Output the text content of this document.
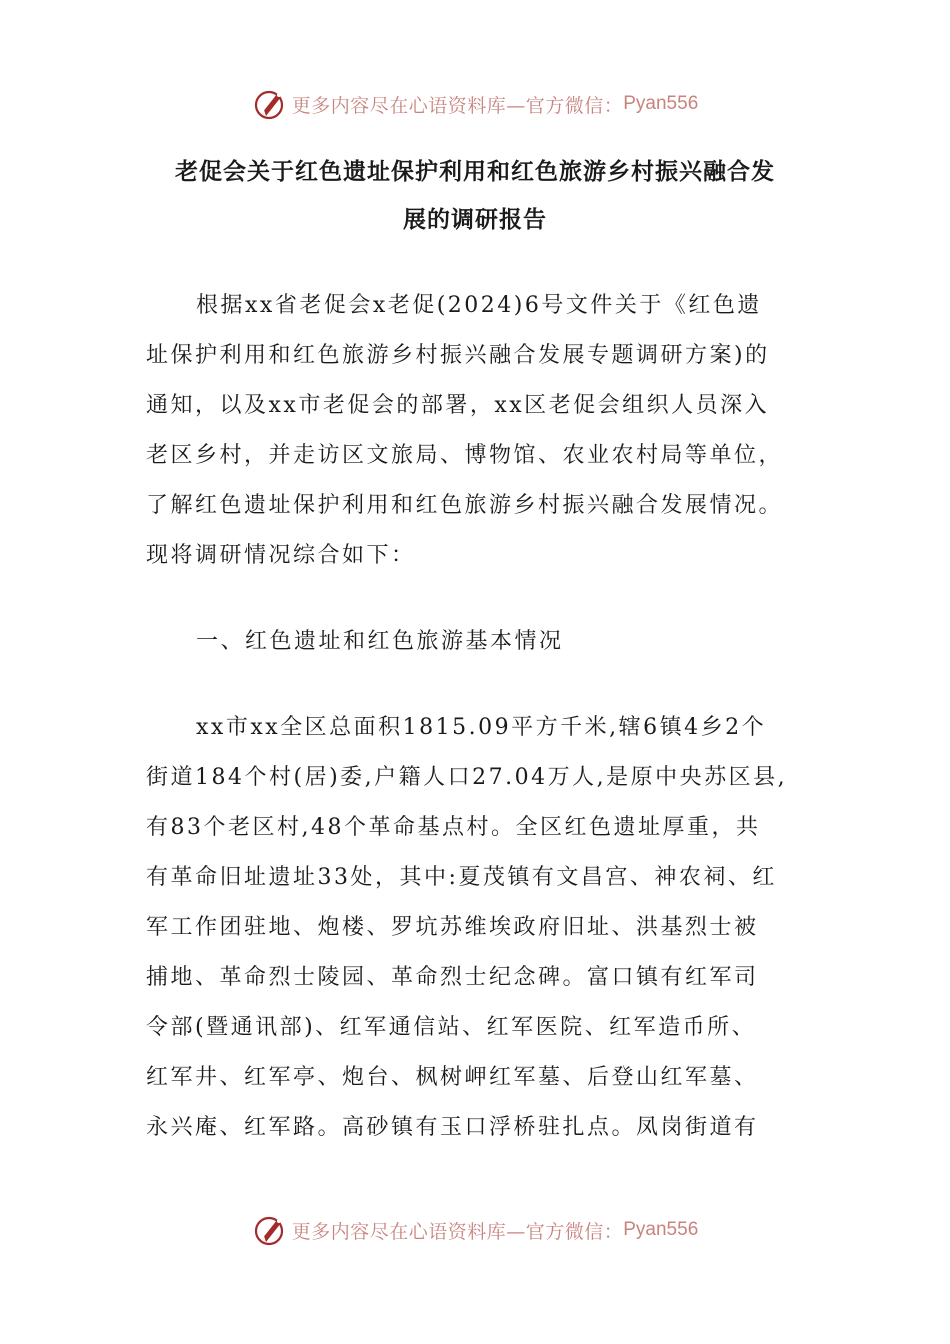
更多内容尽在心语资料库—官方微信： Pyan556
老促会关于红色遗址保护利用和红色旅游乡村振兴融合发
展的调研报告
根据xx省老促会x老促(2024)6号文件关于《红色遗
址保护利用和红色旅游乡村振兴融合发展专题调研方案)的
通知，以及xx市老促会的部署，xx区老促会组织人员深入
老区乡村，并走访区文旅局、博物馆、农业农村局等单位，
了解红色遗址保护利用和红色旅游乡村振兴融合发展情况。
现将调研情况综合如下：
一、红色遗址和红色旅游基本情况
xx市xx全区总面积1815.09平方千米,辖6镇4乡2个
街道184个村(居)委,户籍人口27.04万人,是原中央苏区县,
有83个老区村,48个革命基点村。全区红色遗址厚重，共
有革命旧址遗址33处，其中:夏茂镇有文昌宫、神农祠、红
军工作团驻地、炮楼、罗坑苏维埃政府旧址、洪基烈士被
捕地、革命烈士陵园、革命烈士纪念碑。富口镇有红军司
令部(暨通讯部)、红军通信站、红军医院、红军造币所、
红军井、红军亭、炮台、枫树岬红军墓、后登山红军墓、
永兴庵、红军路。高砂镇有玉口浮桥驻扎点。凤岗街道有
更多内容尽在心语资料库—官方微信： Pyan556
